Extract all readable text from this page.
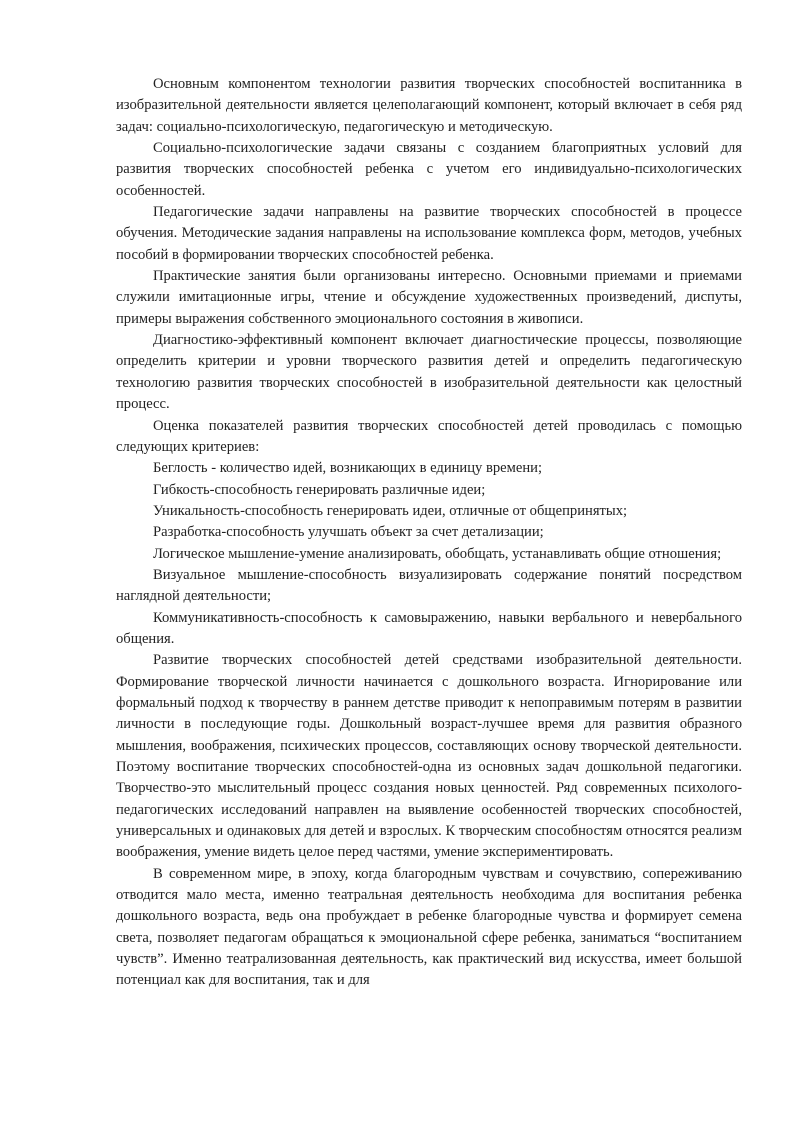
Основным компонентом технологии развития творческих способностей воспитанника в изобразительной деятельности является целеполагающий компонент, который включает в себя ряд задач: социально-психологическую, педагогическую и методическую.

Социально-психологические задачи связаны с созданием благоприятных условий для развития творческих способностей ребенка с учетом его индивидуально-психологических особенностей.

Педагогические задачи направлены на развитие творческих способностей в процессе обучения. Методические задания направлены на использование комплекса форм, методов, учебных пособий в формировании творческих способностей ребенка.

Практические занятия были организованы интересно. Основными приемами и приемами служили имитационные игры, чтение и обсуждение художественных произведений, диспуты, примеры выражения собственного эмоционального состояния в живописи.

Диагностико-эффективный компонент включает диагностические процессы, позволяющие определить критерии и уровни творческого развития детей и определить педагогическую технологию развития творческих способностей в изобразительной деятельности как целостный процесс.

Оценка показателей развития творческих способностей детей проводилась с помощью следующих критериев:

Беглость - количество идей, возникающих в единицу времени;

Гибкость-способность генерировать различные идеи;

Уникальность-способность генерировать идеи, отличные от общепринятых;

Разработка-способность улучшать объект за счет детализации;

Логическое мышление-умение анализировать, обобщать, устанавливать общие отношения;

Визуальное мышление-способность визуализировать содержание понятий посредством наглядной деятельности;

Коммуникативность-способность к самовыражению, навыки вербального и невербального общения.

Развитие творческих способностей детей средствами изобразительной деятельности. Формирование творческой личности начинается с дошкольного возраста. Игнорирование или формальный подход к творчеству в раннем детстве приводит к непоправимым потерям в развитии личности в последующие годы. Дошкольный возраст-лучшее время для развития образного мышления, воображения, психических процессов, составляющих основу творческой деятельности. Поэтому воспитание творческих способностей-одна из основных задач дошкольной педагогики. Творчество-это мыслительный процесс создания новых ценностей. Ряд современных психолого-педагогических исследований направлен на выявление особенностей творческих способностей, универсальных и одинаковых для детей и взрослых. К творческим способностям относятся реализм воображения, умение видеть целое перед частями, умение экспериментировать.

В современном мире, в эпоху, когда благородным чувствам и сочувствию, сопереживанию отводится мало места, именно театральная деятельность необходима для воспитания ребенка дошкольного возраста, ведь она пробуждает в ребенке благородные чувства и формирует семена света, позволяет педагогам обращаться к эмоциональной сфере ребенка, заниматься “воспитанием чувств”. Именно театрализованная деятельность, как практический вид искусства, имеет большой потенциал как для воспитания, так и для
